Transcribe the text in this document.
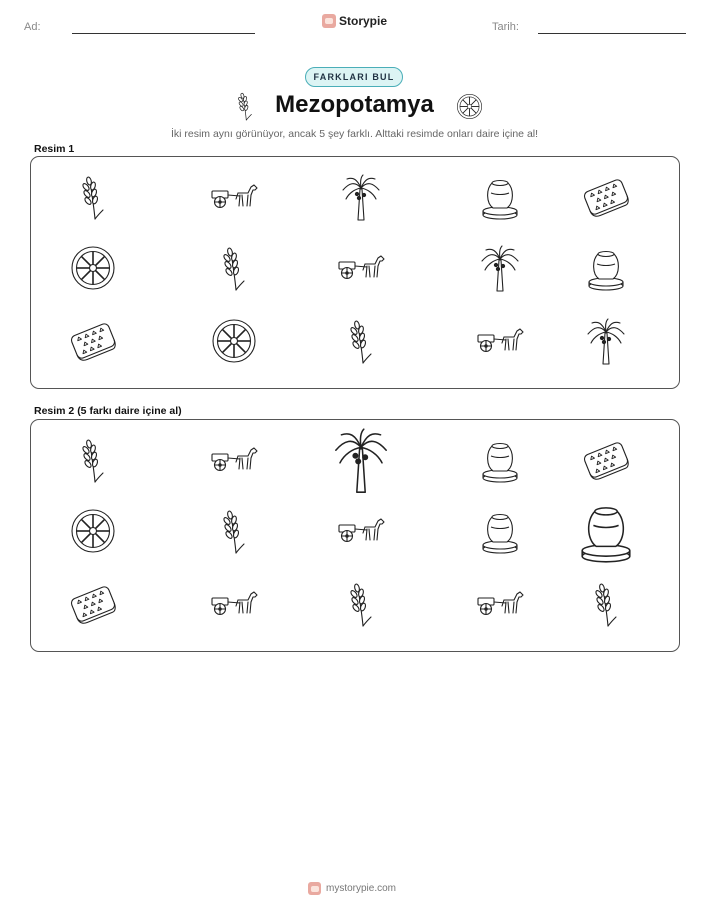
Ad:	Storypie	Tarih:
FARKLARI BUL
Mezopotamya
İki resim aynı görünüyor, ancak 5 şey farklı. Alttaki resimde onları daire içine al!
Resim 1
Resim 2 (5 farkı daire içine al)
mystorypie.com
